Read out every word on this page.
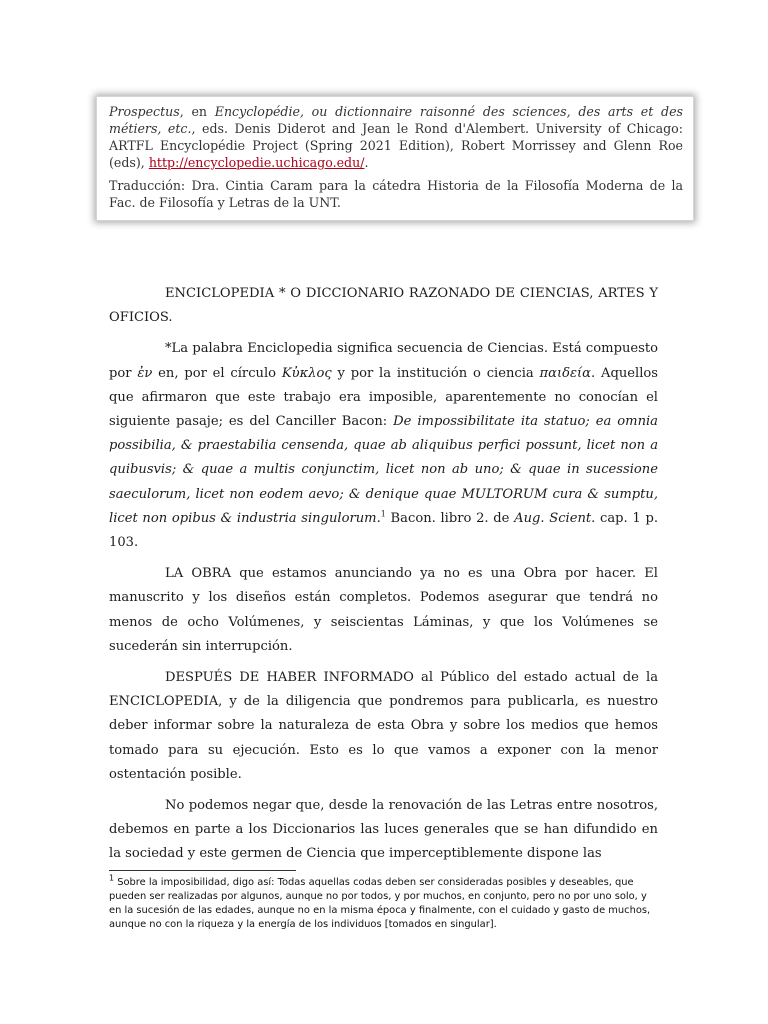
Prospectus, en Encyclopédie, ou dictionnaire raisonné des sciences, des arts et des métiers, etc., eds. Denis Diderot and Jean le Rond d'Alembert. University of Chicago: ARTFL Encyclopédie Project (Spring 2021 Edition), Robert Morrissey and Glenn Roe (eds), http://encyclopedie.uchicago.edu/.

Traducción: Dra. Cintia Caram para la cátedra Historia de la Filosofía Moderna de la Fac. de Filosofía y Letras de la UNT.

ENCICLOPEDIA * O DICCIONARIO RAZONADO DE CIENCIAS, ARTES Y OFICIOS.

*La palabra Enciclopedia significa secuencia de Ciencias. Está compuesto por ἐν en, por el círculo Κὐκλος y por la institución o ciencia παιδεία. Aquellos que afirmaron que este trabajo era imposible, aparentemente no conocían el siguiente pasaje; es del Canciller Bacon: De impossibilitate ita statuo; ea omnia possibilia, & praestabilia censenda, quae ab aliquibus perfici possunt, licet non a quibusvis; & quae a multis conjunctim, licet non ab uno; & quae in sucessione saeculorum, licet non eodem aevo; & denique quae MULTORUM cura & sumptu, licet non opibus & industria singulorum.$^1$ Bacon. libro 2. de Aug. Scient. cap. 1 p. 103.

LA OBRA que estamos anunciando ya no es una Obra por hacer. El manuscrito y los diseños están completos. Podemos asegurar que tendrá no menos de ocho Volúmenes, y seiscientas Láminas, y que los Volúmenes se sucederán sin interrupción.

DESPUÉS DE HABER INFORMADO al Público del estado actual de la ENCICLOPEDIA, y de la diligencia que pondremos para publicarla, es nuestro deber informar sobre la naturaleza de esta Obra y sobre los medios que hemos tomado para su ejecución. Esto es lo que vamos a exponer con la menor ostentación posible.

No podemos negar que, desde la renovación de las Letras entre nosotros, debemos en parte a los Diccionarios las luces generales que se han difundido en la sociedad y este germen de Ciencia que imperceptiblemente dispone las

$^1$ Sobre la imposibilidad, digo así: Todas aquellas codas deben ser consideradas posibles y deseables, que pueden ser realizadas por algunos, aunque no por todos, y por muchos, en conjunto, pero no por uno solo, y en la sucesión de las edades, aunque no en la misma época y finalmente, con el cuidado y gasto de muchos, aunque no con la riqueza y la energía de los individuos [tomados en singular].
